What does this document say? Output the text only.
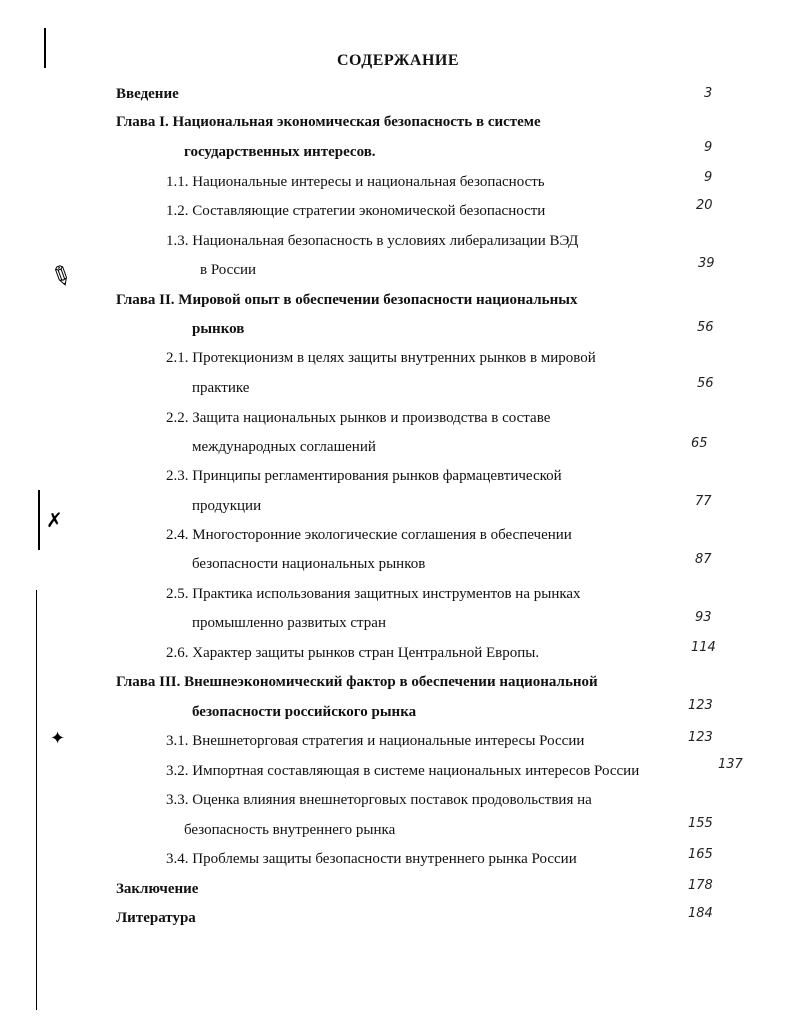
✎
✗
✦
СОДЕРЖАНИЕ
Введение	3
Глава I. Национальная экономическая безопасность в системе
государственных интересов.	9
1.1. Национальные интересы и национальная безопасность	9
1.2. Составляющие стратегии экономической безопасности	20
1.3. Национальная безопасность в условиях либерализации ВЭД
в России	39
Глава II. Мировой опыт в обеспечении безопасности национальных
рынков	56
2.1. Протекционизм в целях защиты внутренних рынков в мировой
практике	56
2.2. Защита национальных рынков и производства в составе
международных соглашений	65
2.3. Принципы регламентирования рынков фармацевтической
продукции	77
2.4. Многосторонние экологические соглашения в обеспечении
безопасности национальных рынков	87
2.5. Практика использования защитных инструментов на рынках
промышленно развитых стран	93
2.6. Характер защиты рынков стран Центральной Европы.	114
Глава III. Внешнеэкономический фактор в обеспечении национальной
безопасности российского рынка	123
3.1. Внешнеторговая стратегия и национальные интересы России	123
3.2. Импортная составляющая в системе национальных интересов России	137
3.3. Оценка влияния внешнеторговых поставок продовольствия на
безопасность внутреннего рынка	155
3.4. Проблемы защиты безопасности внутреннего рынка России	165
Заключение	178
Литература	184
